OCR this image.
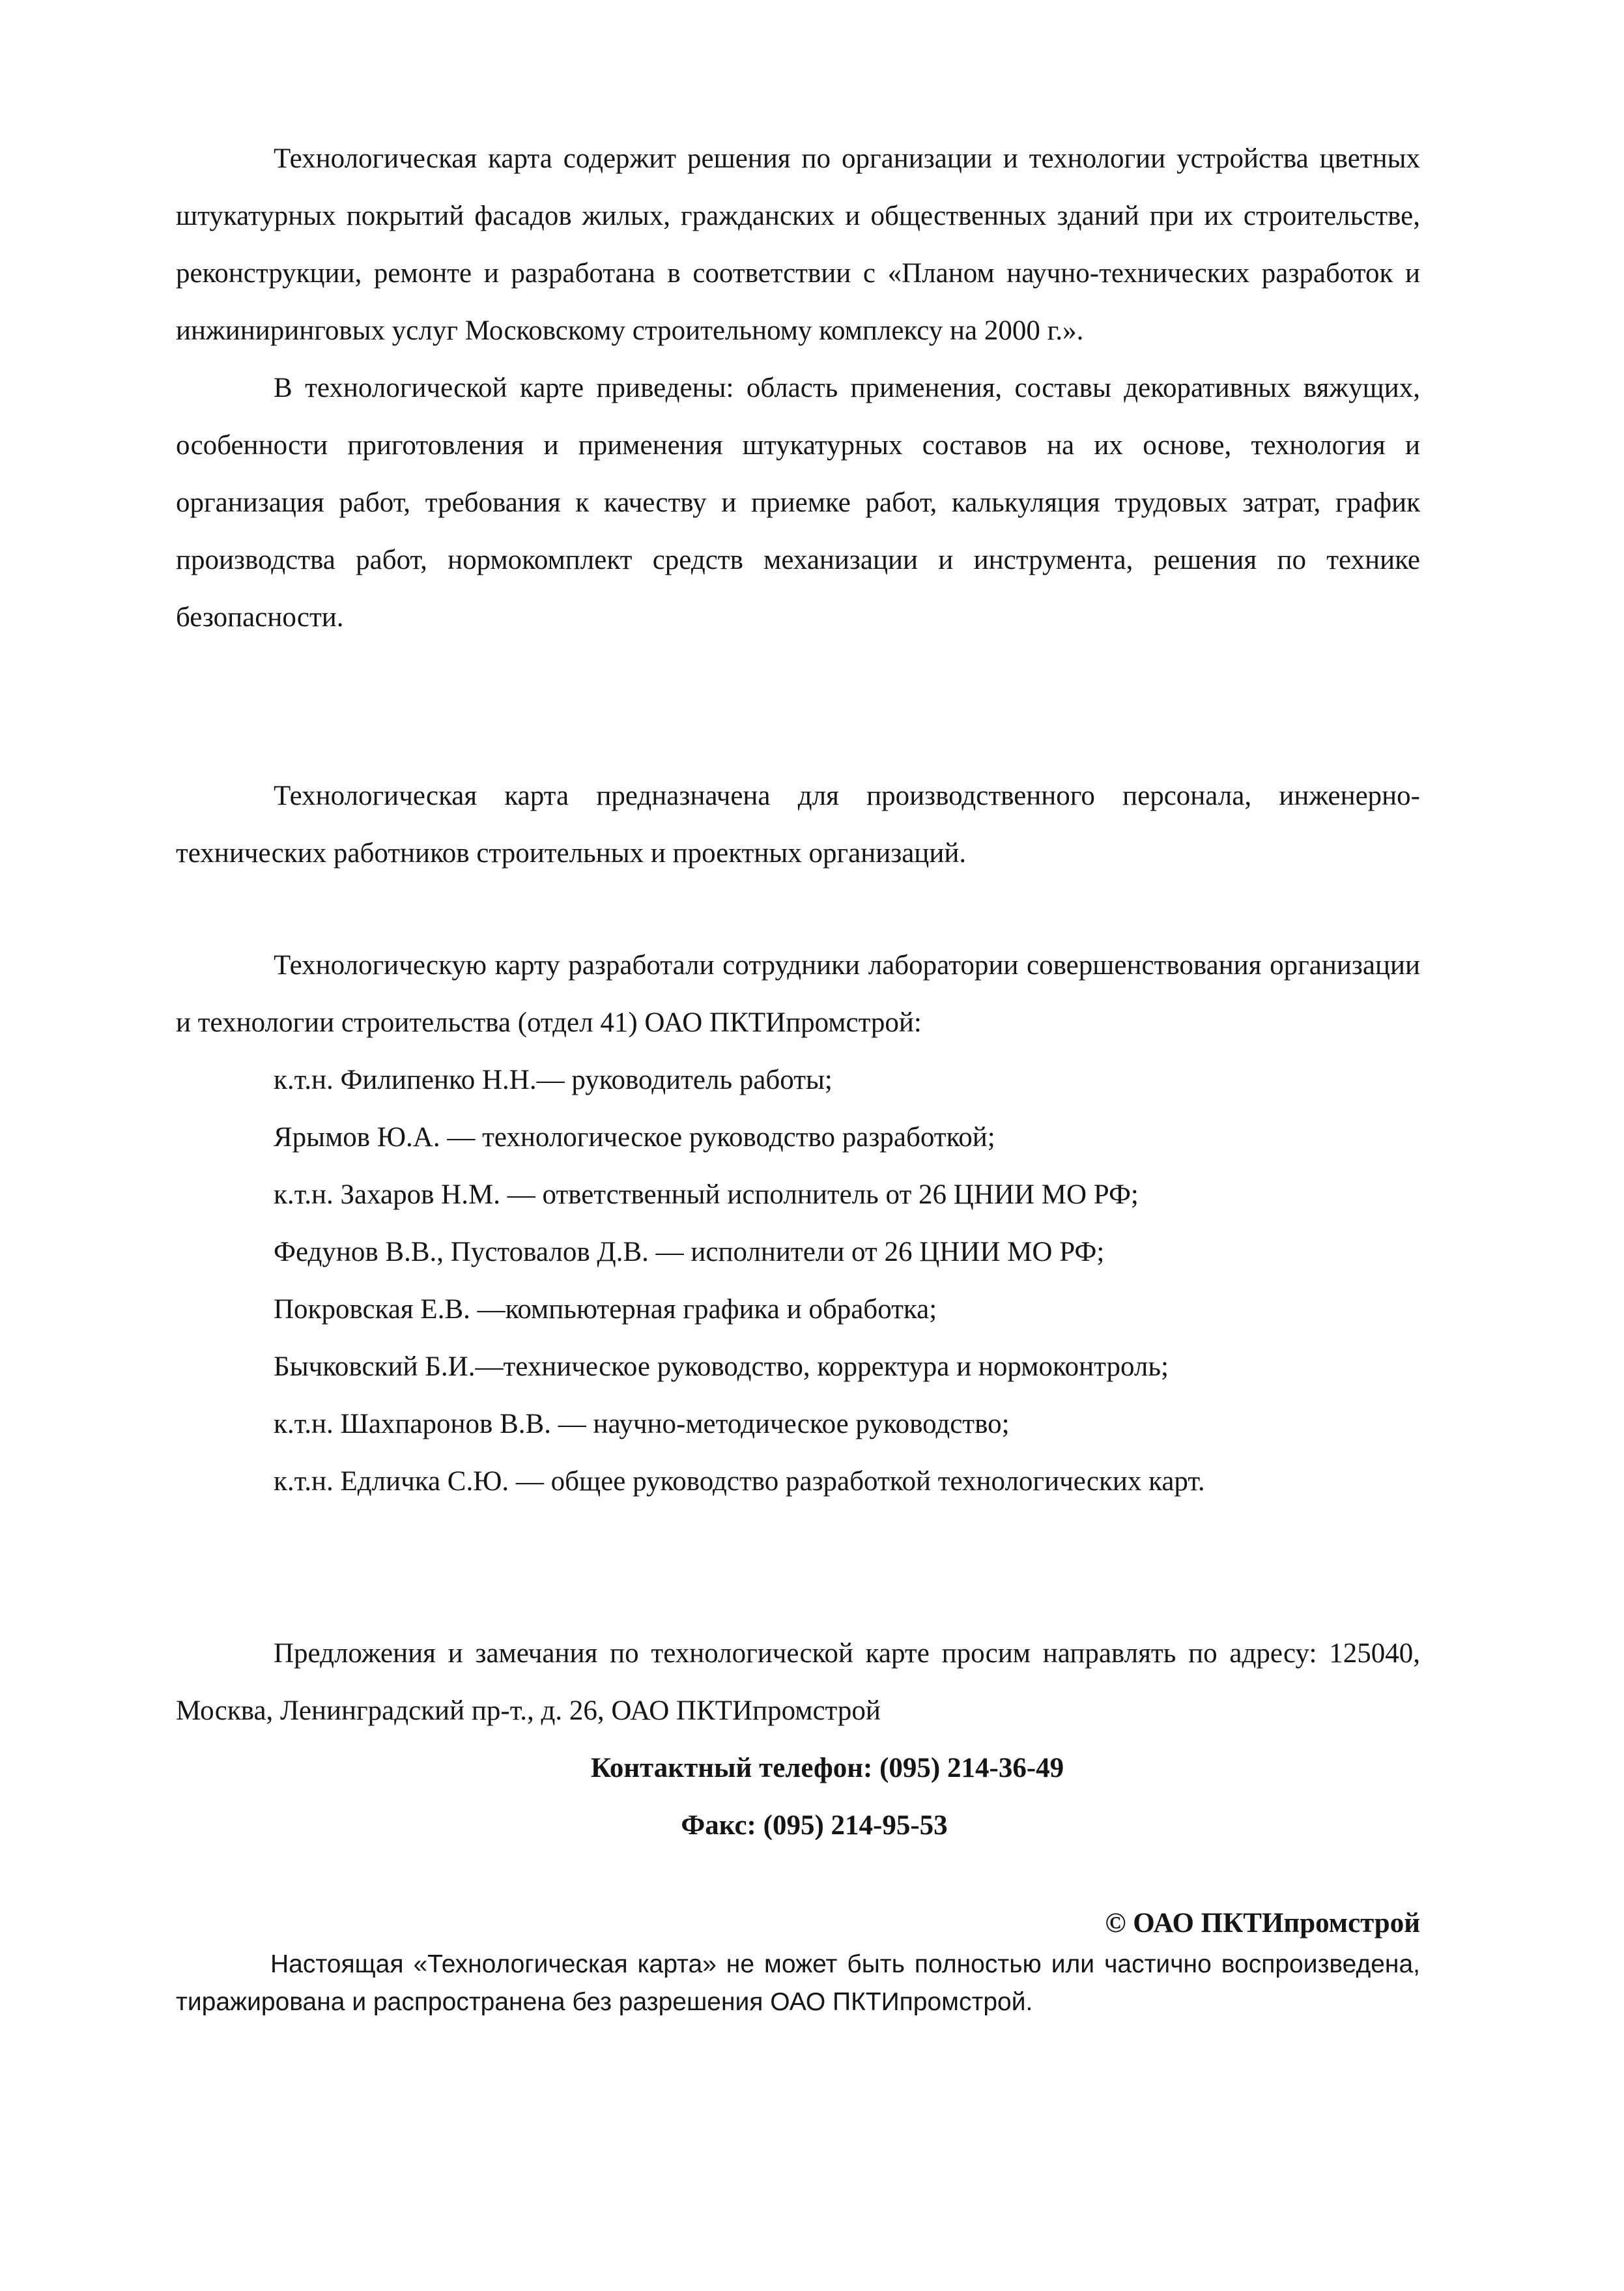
Технологическая карта содержит решения по организации и технологии устройства цветных штукатурных покрытий фасадов жилых, гражданских и общественных зданий при их строительстве, реконструкции, ремонте и разработана в соответствии с «Планом научно-технических разработок и инжиниринговых услуг Московскому строительному комплексу на 2000 г.».

В технологической карте приведены: область применения, составы декоративных вяжущих, особенности приготовления и применения штукатурных составов на их основе, технология и организация работ, требования к качеству и приемке работ, калькуляция трудовых затрат, график производства работ, нормокомплект средств механизации и инструмента, решения по технике безопасности.

Технологическая карта предназначена для производственного персонала, инженерно-технических работников строительных и проектных организаций.

Технологическую карту разработали сотрудники лаборатории совершенствования организации и технологии строительства (отдел 41) ОАО ПКТИпромстрой:

к.т.н. Филипенко Н.Н.— руководитель работы;
Ярымов Ю.А. — технологическое руководство разработкой;
к.т.н. Захаров Н.М. — ответственный исполнитель от 26 ЦНИИ МО РФ;
Федунов В.В., Пустовалов Д.В. — исполнители от 26 ЦНИИ МО РФ;
Покровская Е.В. —компьютерная графика и обработка;
Бычковский Б.И.—техническое руководство, корректура и нормоконтроль;
к.т.н. Шахпаронов В.В. — научно-методическое руководство;
к.т.н. Едличка С.Ю. — общее руководство разработкой технологических карт.

Предложения и замечания по технологической карте просим направлять по адресу: 125040, Москва, Ленинградский пр-т., д. 26, ОАО ПКТИпромстрой

Контактный телефон: (095) 214-36-49

Факс: (095) 214-95-53

© ОАО ПКТИпромстрой

Настоящая «Технологическая карта» не может быть полностью или частично воспроизведена, тиражирована и распространена без разрешения ОАО ПКТИпромстрой.
